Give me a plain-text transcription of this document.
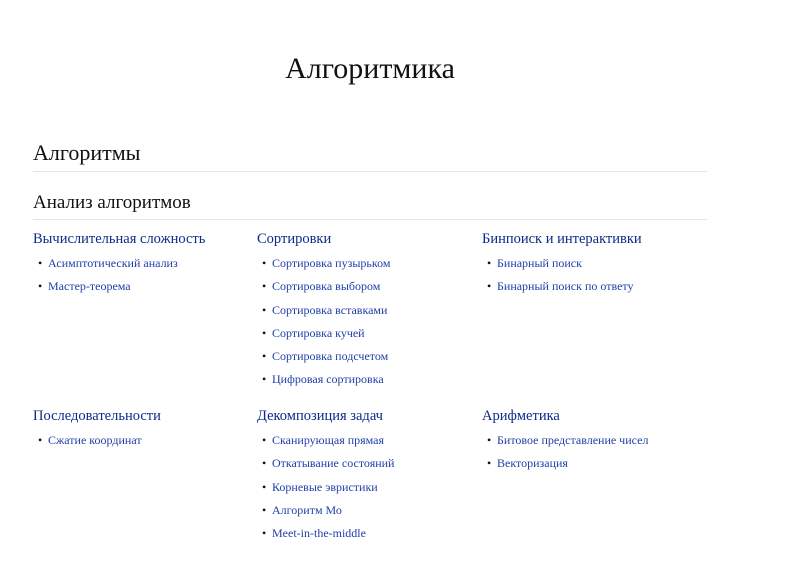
Алгоритмика
Алгоритмы
Анализ алгоритмов
Вычислительная сложность
• Асимптотический анализ
• Мастер-теорема
Сортировки
• Сортировка пузырьком
• Сортировка выбором
• Сортировка вставками
• Сортировка кучей
• Сортировка подсчетом
• Цифровая сортировка
Бинпоиск и интерактивки
• Бинарный поиск
• Бинарный поиск по ответу
Последовательности
• Сжатие координат
Декомпозиция задач
• Сканирующая прямая
• Откатывание состояний
• Корневые эвристики
• Алгоритм Мо
• Meet-in-the-middle
Арифметика
• Битовое представление чисел
• Векторизация
